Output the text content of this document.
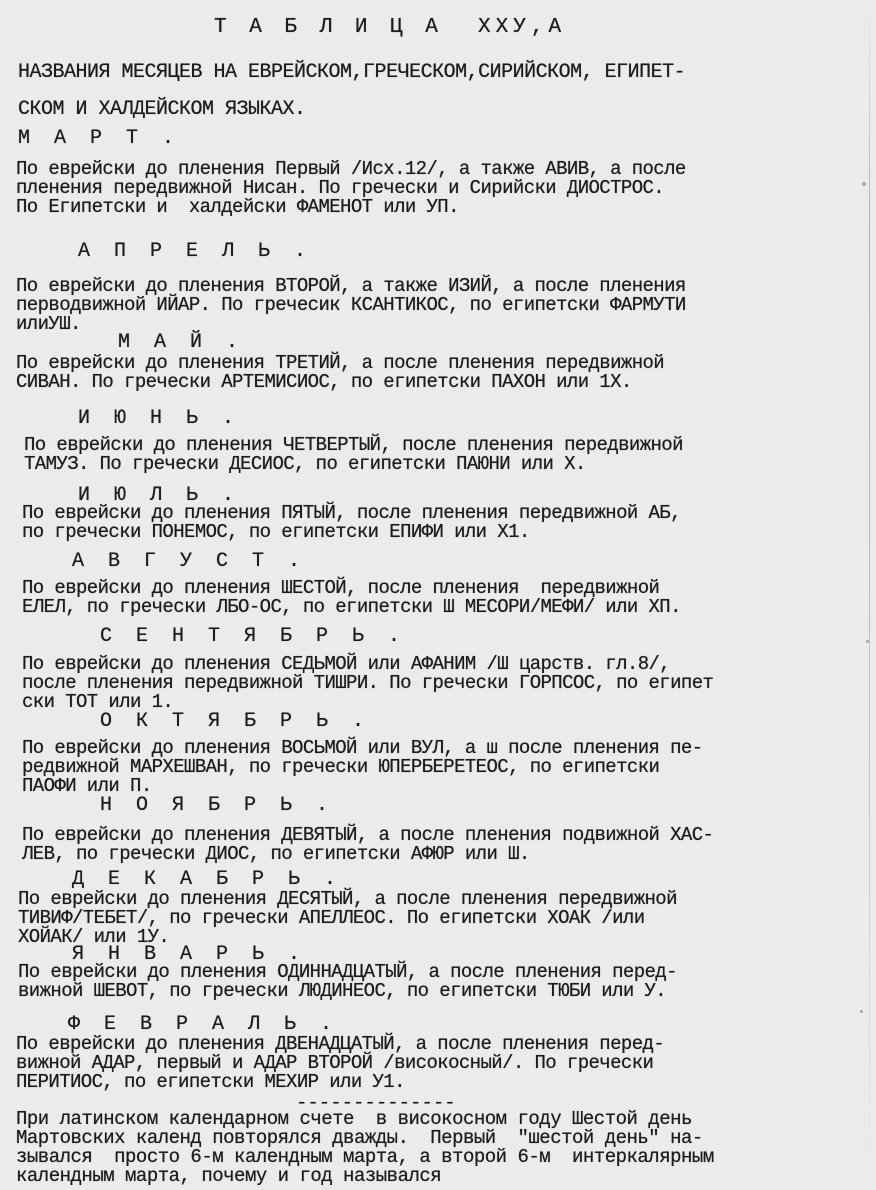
Т А Б Л И Ц А  XXУ,А
НАЗВАНИЯ МЕСЯЦЕВ НА ЕВРЕЙСКОМ,ГРЕЧЕСКОМ,СИРИЙСКОМ, ЕГИПЕТ-
СКОМ И ХАЛДЕЙСКОМ ЯЗЫКАХ.
М А Р Т .
По еврейски до пленения Первый /Исх.12/, а также АВИВ, а после
пленения передвижной Нисан. По гречески и Сирийски ДИОСТРОС.
По Египетски и  халдейски ФАМЕНОТ или УП.
А П Р Е Л Ь .
По еврейски до пленения ВТОРОЙ, а также ИЗИЙ, а после пленения
перводвижной ИЙАР. По гречесик КСАНТИКОС, по египетски ФАРМУТИ
илиУШ.
М А Й .
По еврейски до пленения ТРЕТИЙ, а после пленения передвижной
СИВАН. По гречески АРТЕМИСИОС, по египетски ПАХОН или 1Х.
И Ю Н Ь .
По еврейски до пленения ЧЕТВЕРТЫЙ, после пленения передвижной
ТАМУЗ. По гречески ДЕСИОС, по египетски ПАЮНИ или Х.
И Ю Л Ь .
По еврейски до пленения ПЯТЫЙ, после пленения передвижной АБ,
по гречески ПОНЕМОС, по египетски ЕПИФИ или Х1.
А В Г У С Т .
По еврейски до пленения ШЕСТОЙ, после пленения  передвижной
ЕЛЕЛ, по гречески ЛБО-ОС, по египетски Ш МЕСОРИ/МЕФИ/ или ХП.
С Е Н Т Я Б Р Ь .
По еврейски до пленения СЕДЬМОЙ или АФАНИМ /Ш царств. гл.8/,
после пленения передвижной ТИШРИ. По гречески ГОРПСОС, по египет
ски ТОТ или 1.
О К Т Я Б Р Ь .
По еврейски до пленения ВОСЬМОЙ или ВУЛ, а ш после пленения пе-
редвижной МАРХЕШВАН, по гречески ЮПЕРБЕРЕТЕОС, по египетски
ПАОФИ или П.
Н О Я Б Р Ь .
По еврейски до пленения ДЕВЯТЫЙ, а после пленения подвижной ХАС-
ЛЕВ, по гречески ДИОС, по египетски АФЮР или Ш.
Д Е К А Б Р Ь .
По еврейски до пленения ДЕСЯТЫЙ, а после пленения передвижной
ТИВИФ/ТЕБЕТ/, по гречески АПЕЛЛЕОС. По египетски ХОАК /или
ХОЙАК/ или 1У.
Я Н В А Р Ь .
По еврейски до пленения ОДИННАДЦАТЫЙ, а после пленения перед-
вижной ШЕВОТ, по гречески ЛЮДИНЕОС, по египетски ТЮБИ или У.
Ф Е В Р А Л Ь .
По еврейски до пленения ДВЕНАДЦАТЫЙ, а после пленения перед-
вижной АДАР, первый и АДАР ВТОРОЙ /високосный/. По гречески
ПЕРИТИОС, по египетски МЕХИР или У1.
--------------
При латинском календарном счете  в високосном году Шестой день
Мартовских календ повторялся дважды.  Первый  "шестой день" на-
зывался  просто 6-м календным марта, а второй 6-м  интеркалярным
календным марта, почему и год назывался
